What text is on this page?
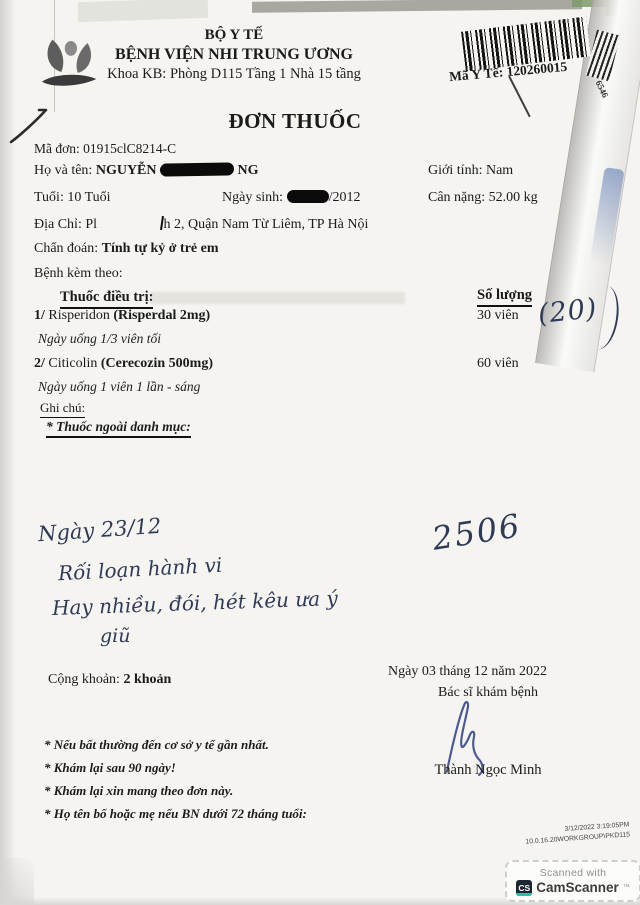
BỘ Y TẾ
BỆNH VIỆN NHI TRUNG ƯƠNG
Khoa KB: Phòng D115 Tầng 1 Nhà 15 tầng	Mã Y Tế: 120260015
6546
ĐƠN THUỐC
Mã đơn: 01915clC8214-C
Họ và tên: NGUYỄN	NG	Giới tính: Nam
Tuổi: 10 Tuổi	Ngày sinh:	/2012	Cân nặng: 52.00 kg
Địa Chỉ: Pl	h 2, Quận Nam Từ Liêm, TP Hà Nội
Chẩn đoán: Tính tự kỷ ở trẻ em
Bệnh kèm theo:
Thuốc điều trị:	Số lượng
1/ Risperidon (Risperdal 2mg)	30 viên (20)
Ngày uống 1/3 viên tối
2/ Citicolin (Cerecozin 500mg)	60 viên
Ngày uống 1 viên 1 lần - sáng
Ghi chú:
* Thuốc ngoài danh mục:
Ngày 23/12
Rối loạn hành vi
Hay nhiều, đói, hét kêu ưa ý
giũ
2506
Cộng khoản: 2 khoản
Ngày 03 tháng 12 năm 2022
Bác sĩ khám bệnh
Thành Ngọc Minh
* Nếu bất thường đến cơ sở y tế gần nhất.
* Khám lại sau 90 ngày!
* Khám lại xin mang theo đơn này.
* Họ tên bố hoặc mẹ nếu BN dưới 72 tháng tuổi:
3/12/2022 3:19:05PM
10.0.16.20WORKGROUP\PKD115
Scanned with
CS CamScanner ™
